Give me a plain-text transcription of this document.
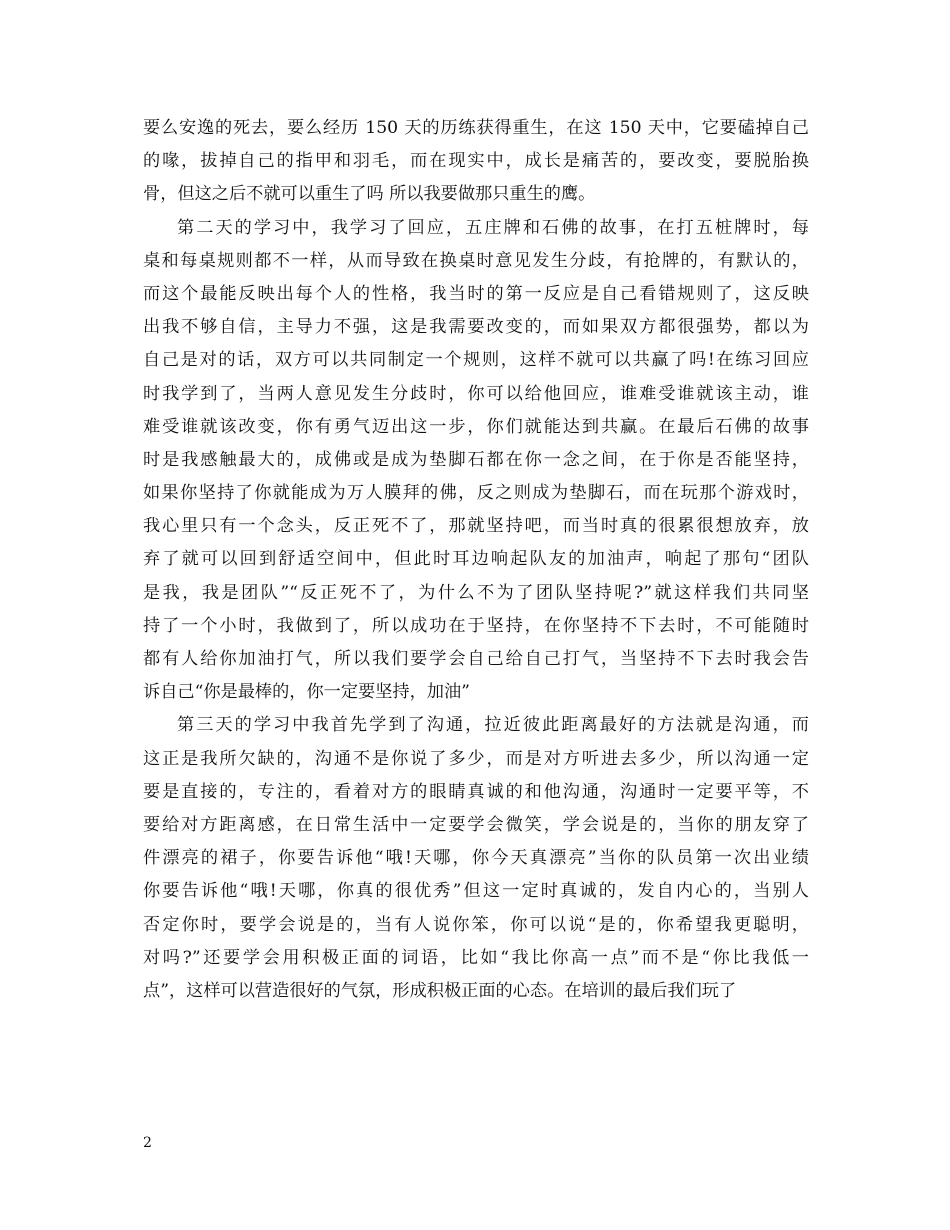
要么安逸的死去，要么经历 150 天的历练获得重生，在这 150 天中，它要磕掉自己
的喙，拔掉自己的指甲和羽毛，而在现实中，成长是痛苦的，要改变，要脱胎换
骨，但这之后不就可以重生了吗 所以我要做那只重生的鹰。
第二天的学习中，我学习了回应，五庄牌和石佛的故事，在打五桩牌时，每
桌和每桌规则都不一样，从而导致在换桌时意见发生分歧，有抢牌的，有默认的，
而这个最能反映出每个人的性格，我当时的第一反应是自己看错规则了，这反映
出我不够自信，主导力不强，这是我需要改变的，而如果双方都很强势，都以为
自己是对的话，双方可以共同制定一个规则，这样不就可以共赢了吗!在练习回应
时我学到了，当两人意见发生分歧时，你可以给他回应，谁难受谁就该主动，谁
难受谁就该改变，你有勇气迈出这一步，你们就能达到共赢。在最后石佛的故事
时是我感触最大的，成佛或是成为垫脚石都在你一念之间，在于你是否能坚持，
如果你坚持了你就能成为万人膜拜的佛，反之则成为垫脚石，而在玩那个游戏时，
我心里只有一个念头，反正死不了，那就坚持吧，而当时真的很累很想放弃，放
弃了就可以回到舒适空间中，但此时耳边响起队友的加油声，响起了那句“团队
是我，我是团队”“反正死不了，为什么不为了团队坚持呢?”就这样我们共同坚
持了一个小时，我做到了，所以成功在于坚持，在你坚持不下去时，不可能随时
都有人给你加油打气，所以我们要学会自己给自己打气，当坚持不下去时我会告
诉自己“你是最棒的，你一定要坚持，加油”
第三天的学习中我首先学到了沟通，拉近彼此距离最好的方法就是沟通，而
这正是我所欠缺的，沟通不是你说了多少，而是对方听进去多少，所以沟通一定
要是直接的，专注的，看着对方的眼睛真诚的和他沟通，沟通时一定要平等，不
要给对方距离感，在日常生活中一定要学会微笑，学会说是的，当你的朋友穿了
件漂亮的裙子，你要告诉他“哦!天哪，你今天真漂亮”当你的队员第一次出业绩
你要告诉他“哦!天哪，你真的很优秀”但这一定时真诚的，发自内心的，当别人
否定你时，要学会说是的，当有人说你笨，你可以说“是的，你希望我更聪明，
对吗?”还要学会用积极正面的词语，比如“我比你高一点”而不是“你比我低一
点”，这样可以营造很好的气氛，形成积极正面的心态。在培训的最后我们玩了
2
